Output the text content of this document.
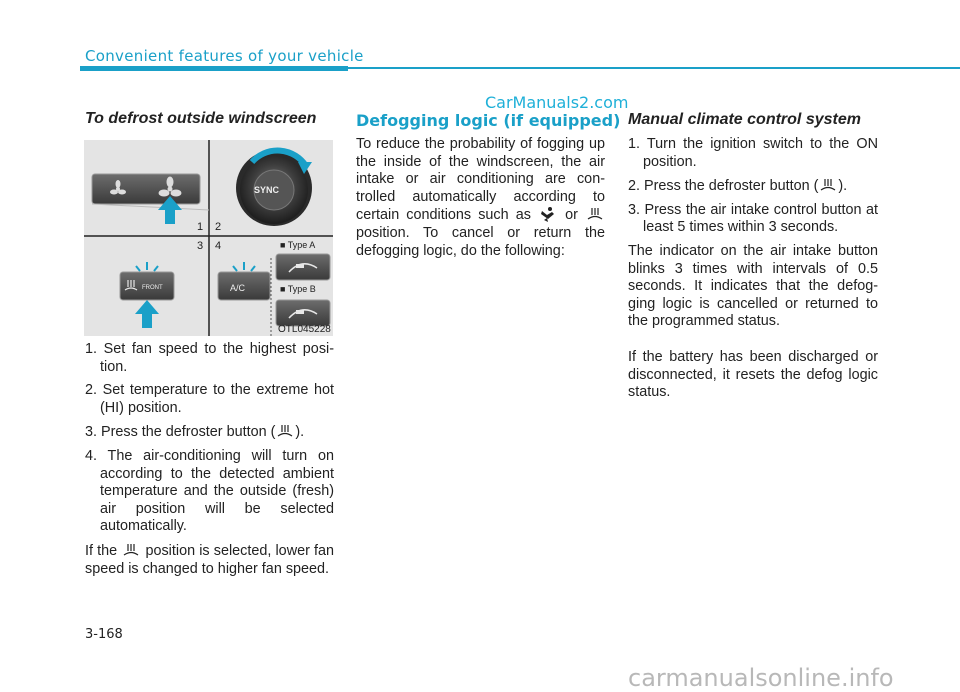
Convenient features of your vehicle
CarManuals2.com
To defrost outside windscreen
1 2
3 4
SYNC
A/C
FRONT
■ Type A
■ Type B
OTL045228
1. Set fan speed to the highest posi-tion.
2. Set temperature to the extreme hot (HI) position.
3. Press the defroster button ( ).
4. The air-conditioning will turn on according to the detected ambient temperature and the outside (fresh) air position will be selected automatically.

If the position is selected, lower fan speed is changed to higher fan speed.

Defogging logic (if equipped)

To reduce the probability of fogging up the inside of the windscreen, the air intake or air conditioning are con-trolled automatically according to certain conditions such as or  position. To cancel or return the defogging logic, do the following:

Manual climate control system
1. Turn the ignition switch to the ON position.
2. Press the defroster button ( ).
3. Press the air intake control button at least 5 times within 3 seconds.

The indicator on the air intake button blinks 3 times with intervals of 0.5 seconds. It indicates that the defog-ging logic is cancelled or returned to the programmed status.

If the battery has been discharged or disconnected, it resets the defog logic status.

3-168
carmanualsonline.info
